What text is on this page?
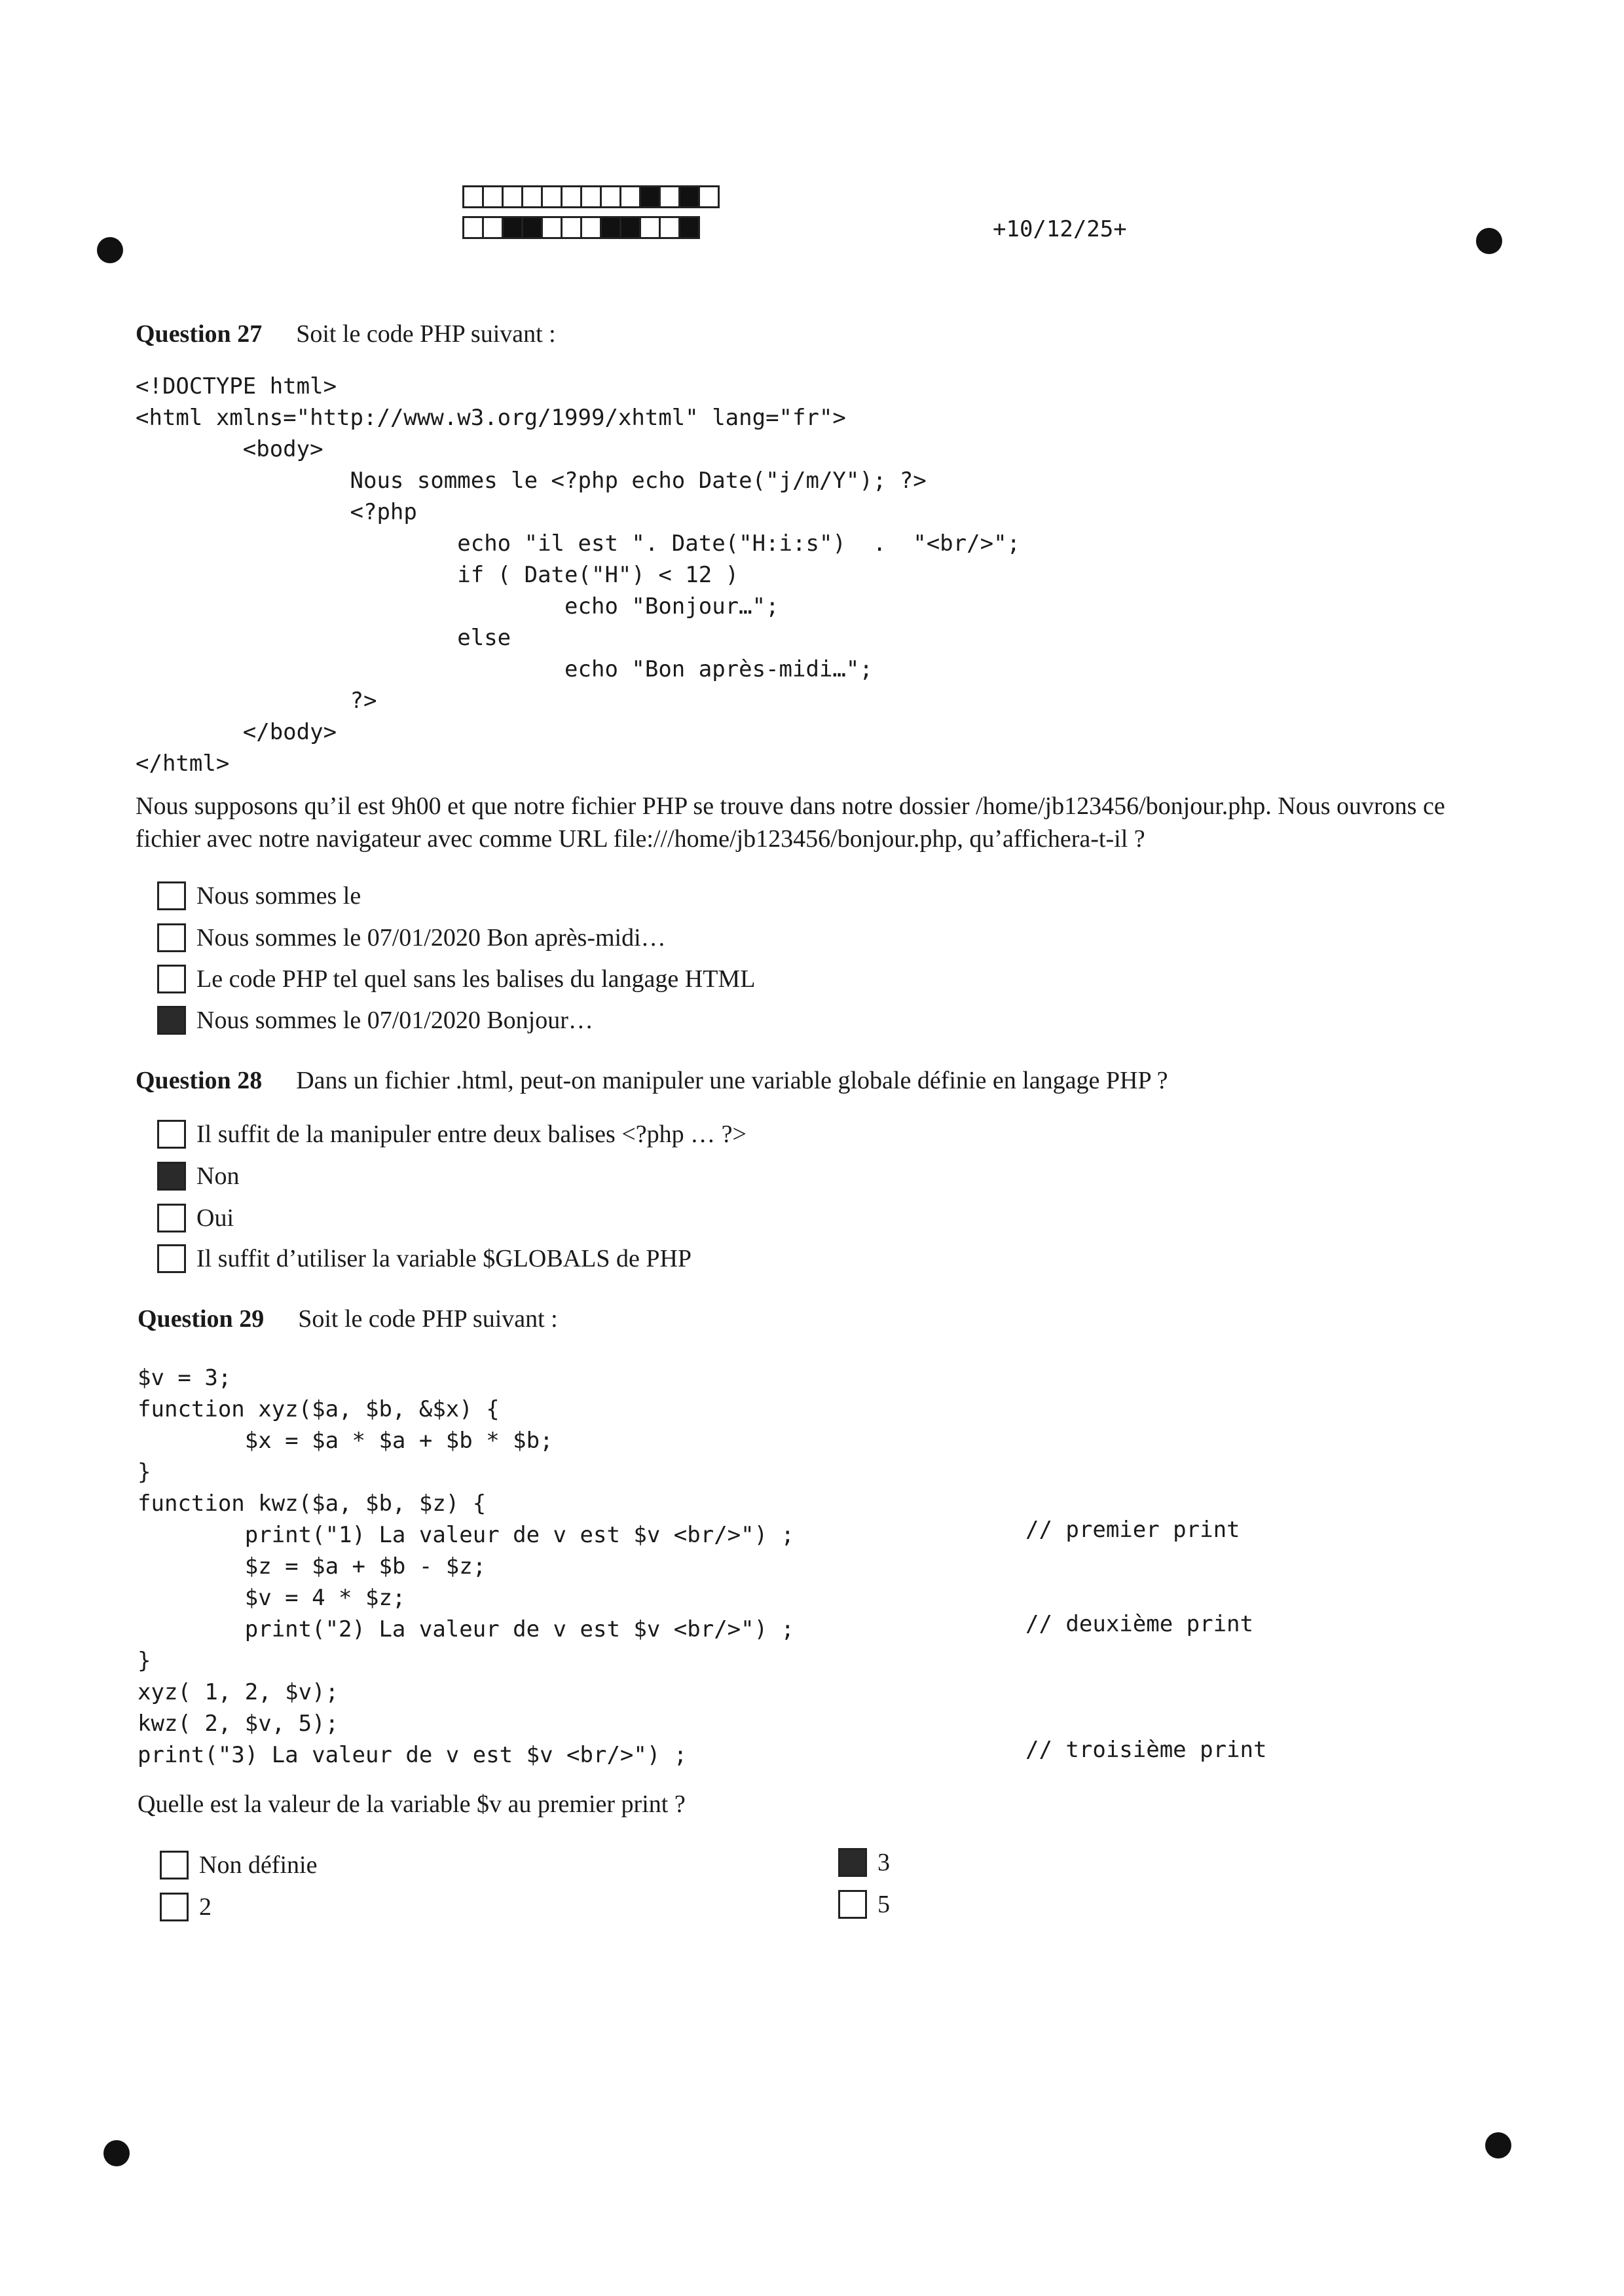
+10/12/25+
Question 27 Soit le code PHP suivant :
<!DOCTYPE html>
<html xmlns="http://www.w3.org/1999/xhtml" lang="fr">
<body>
Nous sommes le <?php echo Date("j/m/Y"); ?>
<?php
echo "il est ". Date("H:i:s")  .  "<br/>";
if ( Date("H") < 12 )
echo "Bonjour…";
else
echo "Bon après-midi…";
?>
</body>
</html>
Nous supposons qu’il est 9h00 et que notre fichier PHP se trouve dans notre dossier /home/jb123456/bonjour.php. Nous ouvrons ce fichier avec notre navigateur avec comme URL file:///home/jb123456/bonjour.php, qu’affichera-t-il ?
Nous sommes le
Nous sommes le 07/01/2020 Bon après-midi…
Le code PHP tel quel sans les balises du langage HTML
Nous sommes le 07/01/2020 Bonjour…
Question 28 Dans un fichier .html, peut-on manipuler une variable globale définie en langage PHP ?
Il suffit de la manipuler entre deux balises <?php … ?>
Non
Oui
Il suffit d’utiliser la variable $GLOBALS de PHP
Question 29 Soit le code PHP suivant :
$v = 3;
function xyz($a, $b, &$x) {
$x = $a * $a + $b * $b;
}
function kwz($a, $b, $z) {
print("1) La valeur de v est $v <br/>") ;
$z = $a + $b - $z;
$v = 4 * $z;
print("2) La valeur de v est $v <br/>") ;
}
xyz( 1, 2, $v);
kwz( 2, $v, 5);
print("3) La valeur de v est $v <br/>") ;
// premier print
// deuxième print
// troisième print
Quelle est la valeur de la variable $v au premier print ?
Non définie
2
3
5
